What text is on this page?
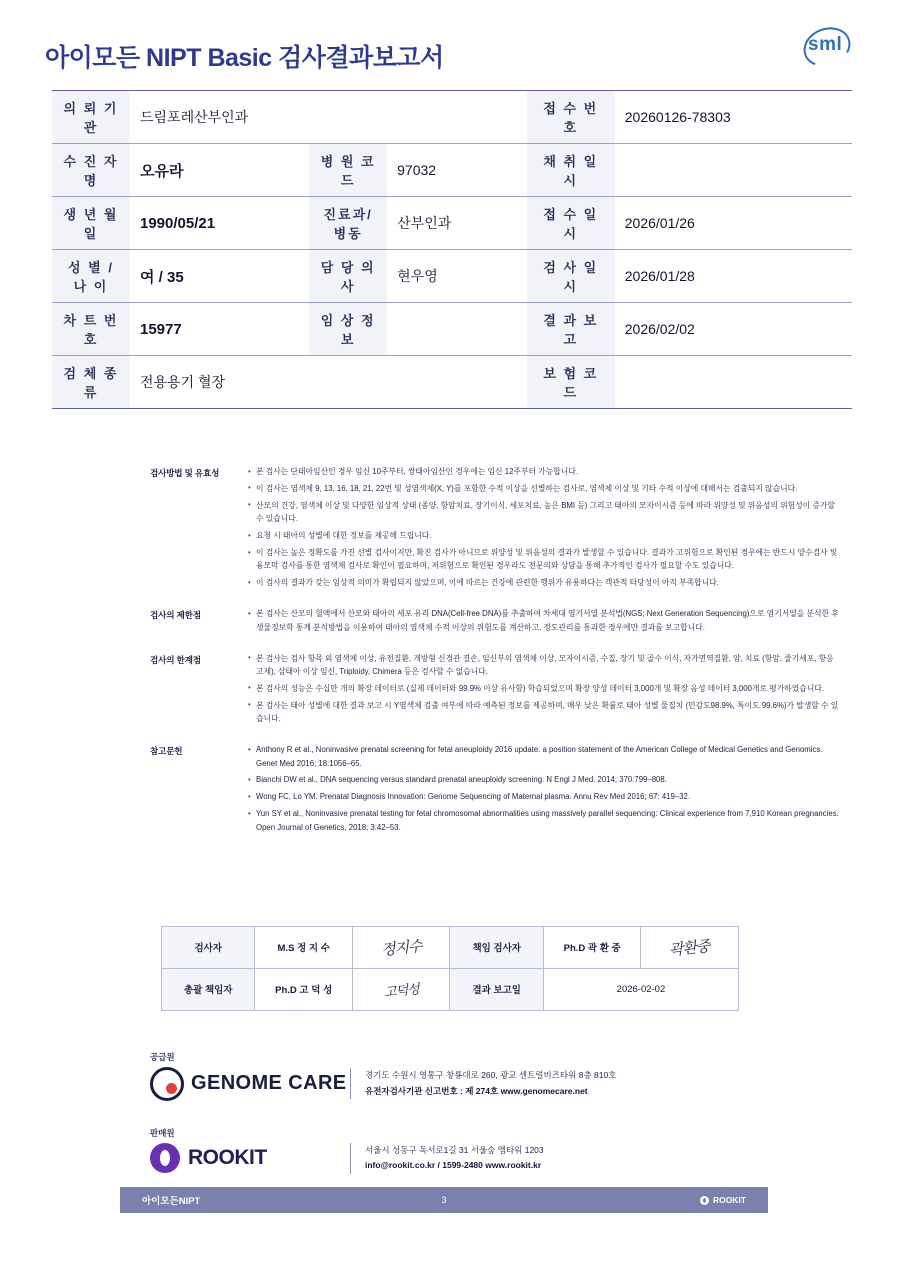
아이모든 NIPT Basic 검사결과보고서	sml
의 뢰 기 관	드림포레산부인과			접 수 번 호	20260126-78303
수 진 자 명	오유라	병 원 코 드	97032	채 취 일 시	
생 년 월 일	1990/05/21	진료과/병동	산부인과	접 수 일 시	2026/01/26
성 별 / 나 이	여 / 35	담 당 의 사	현우영	검 사 일 시	2026/01/28
차 트 번 호	15977	임 상 정 보		결 과 보 고	2026/02/02
검 체 종 류	전용용기 혈장			보 험 코 드	
검사방법 및 유효성	• 본 검사는 단태아임산인 경우 임신 10주부터, 쌍태아임산인 경우에는 임신 12주부터 가능합니다.

• 이 검사는 염색체 9, 13, 16, 18, 21, 22번 및 성염색체(X, Y)를 포함한 수적 이상을 선별하는 검사로, 염색체 이상 및 기타 수적 이상에 대해서는 검출되지 않습니다.

• 산모의 건강, 염색체 이상 및 다양한 임상적 상태 (종양, 항암치료, 장기이식, 세포치료, 높은 BMI 등) 그리고 태아의 모자이시즘 등에 따라 위양성 및 위음성의 위험성이 증가할 수 있습니다.

• 요청 시 태아의 성별에 대한 정보를 제공해 드립니다.

• 이 검사는 높은 정확도를 가진 선별 검사이지만, 확진 검사가 아니므로 위양성 및 위음성의 결과가 발생할 수 있습니다. 결과가 고위험으로 확인된 경우에는 반드시 양수검사 및 융모막 검사를 통한 염색체 검사로 확인이 필요하며, 저위험으로 확인된 경우라도 전문의와 상담을 통해 추가적인 검사가 필요할 수도 있습니다.

• 이 검사의 결과가 갖는 임상적 의미가 확립되지 않았으며, 이에 따르는 건강에 관련한 행위가 유용하다는 객관적 타당성이 아직 부족합니다.

검사의 제한점	• 본 검사는 산모의 혈액에서 산모와 태아의 세포 유리 DNA(Cell-free DNA)를 추출하여 차세대 염기서열 분석법(NGS; Next Generation Sequencing)으로 염기서열을 분석한 후 생물정보학 통계 분석방법을 이용하여 태아의 염색체 수적 이상의 위험도를 계산하고, 정도관리를 통과한 경우에만 결과를 보고합니다.

검사의 한계점	• 본 검사는 검사 항목 외 염색체 이상, 유전질환, 개방형 신경관 결손, 임신부의 염색체 이상, 모자이시즘, 수질, 장기 및 골수 이식, 자가면역질환, 암, 치료 (항암, 줄기세포, 항응고제), 삼태아 이상 임신, Triploidy, Chimera 등은 검사할 수 없습니다.

• 본 검사의 성능은 수십만 개의 확장 데이터로 (실제 데이터와 99.9% 이상 유사함) 학습되었으며 확장 양성 데이터 3,000개 및 확장 음성 데이터 3,000개로 평가하였습니다.

• 본 검사는 태아 성별에 대한 결과 보고 시 Y염색체 검출 여부에 따라 예측된 정보를 제공하며, 매우 낮은 확률로 태아 성별 물질치 (민감도98.9%, 특이도 99.6%)가 발생할 수 있습니다.

참고문헌	• Anthony R et al., Noninvasive prenatal screening for fetal aneuploidy 2016 update: a position statement of the American College of Medical Genetics and Genomics. Genet Med 2016; 18:1056–65.

• Bianchi DW et al., DNA sequencing versus standard prenatal aneuploidy screening. N Engl J Med. 2014; 370:799–808.

• Wong FC, Lo YM. Prenatal Diagnosis Innovation: Genome Sequencing of Maternal plasma. Annu Rev Med 2016; 67: 419–32.

• Yun SY et al., Noninvasive prenatal testing for fetal chromosomal abnormalities using massively parallel sequencing: Clinical experience from 7,910 Korean pregnancies. Open Journal of Genetics, 2018; 3:42–53.

검사자	M.S 정 지 수	정지수	책임 검사자	Ph.D 곽 환 중	곽환중
총괄 책임자	Ph.D 고 덕 성	고덕성	결과 보고일	2026-02-02	
공급원
GENOME CARE 경기도 수원시 영통구 창룡대로 260, 광교 센트럴비즈타워 8층 810호
유전자검사기관 신고번호 : 제 274호 www.genomecare.net
판매원
ROOKIT	서울시 성동구 독서로1길 31 서울숲 엠타워 1203
info@rookit.co.kr / 1599-2480 www.rookit.kr
아이모든NIPT	3	ROOKIT
